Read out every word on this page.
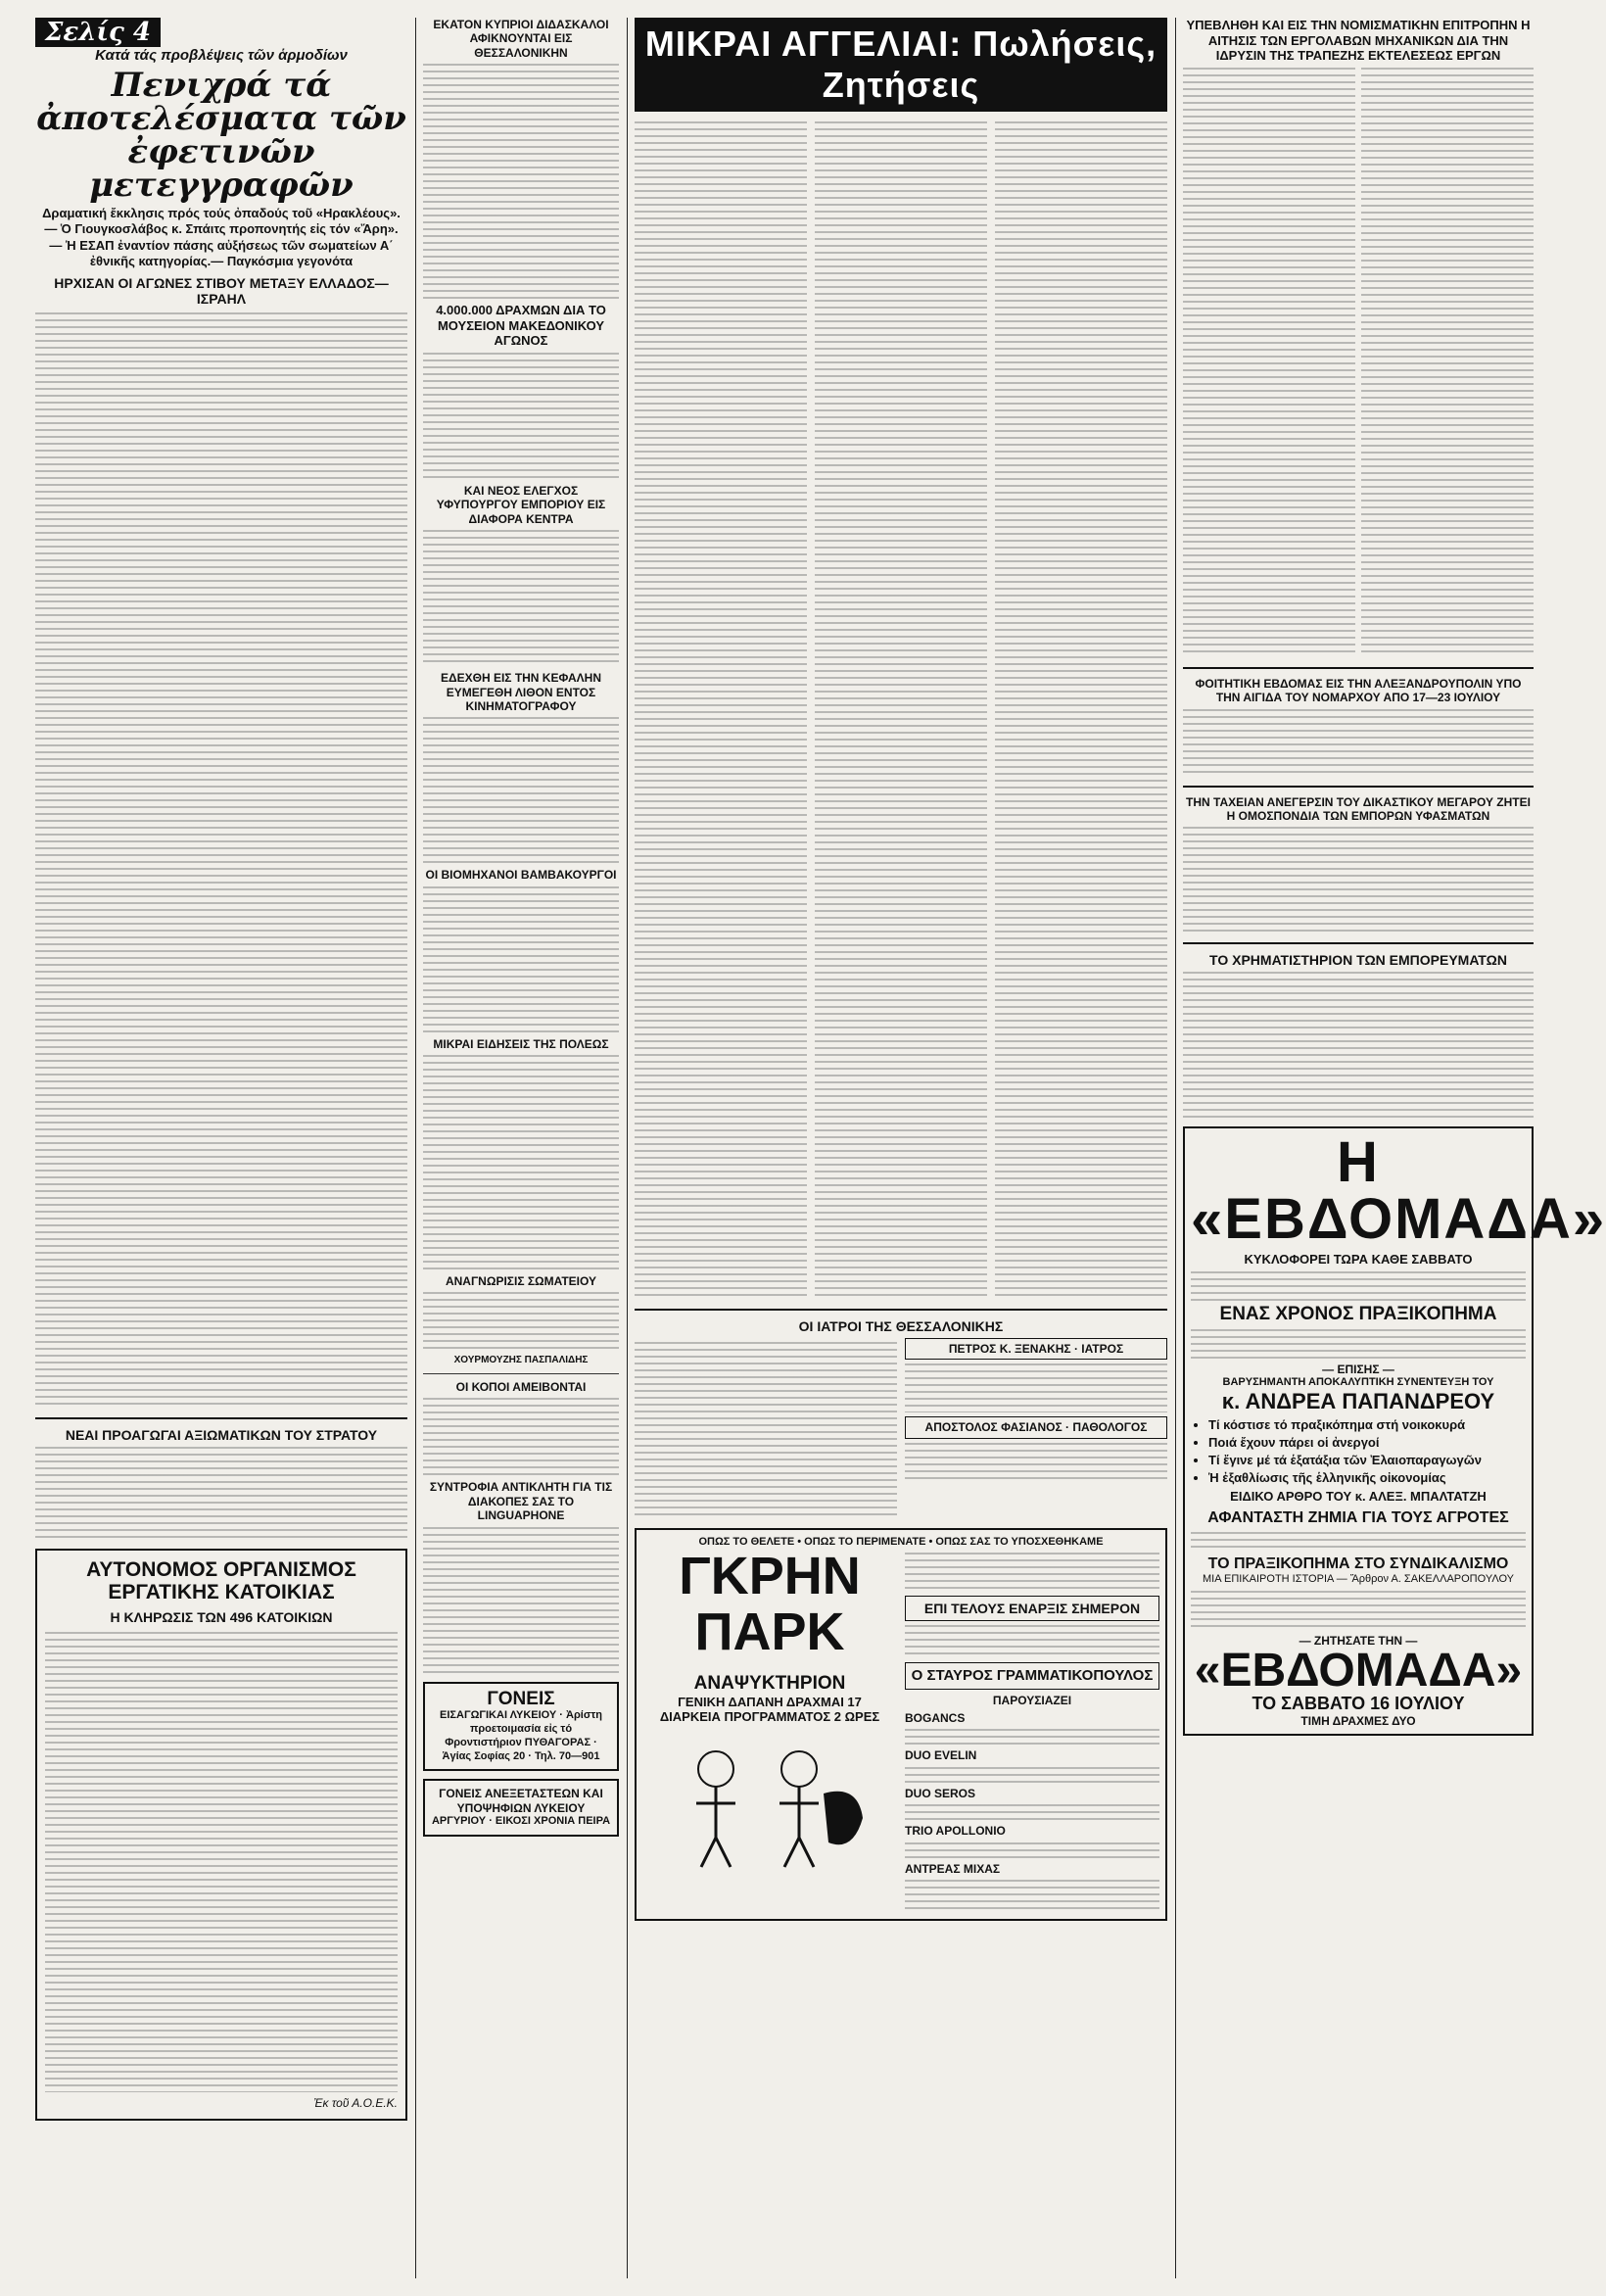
Σελίς 4
Κατά τάς προβλέψεις τῶν ἁρμοδίων
Πενιχρά τά ἀποτελέσματα τῶν ἐφετινῶν μετεγγραφῶν
Δραματική ἔκκλησις πρός τούς ὀπαδούς τοῦ «Ηρακλέους».— Ὁ Γιουγκοσλάβος κ. Σπάιτς προπονητής εἰς τόν «Ἄρη».— Ἡ ΕΣΑΠ ἐναντίον πάσης αὐξήσεως τῶν σωματείων Α΄ ἐθνικῆς κατηγορίας.— Παγκόσμια γεγονότα
ΗΡΧΙΣΑΝ ΟΙ ΑΓΩΝΕΣ ΣΤΙΒΟΥ ΜΕΤΑΞΥ ΕΛΛΑΔΟΣ—ΙΣΡΑΗΛ
ΝΕΑΙ ΠΡΟΑΓΩΓΑΙ ΑΞΙΩΜΑΤΙΚΩΝ ΤΟΥ ΣΤΡΑΤΟΥ
ΑΥΤΟΝΟΜΟΣ ΟΡΓΑΝΙΣΜΟΣ ΕΡΓΑΤΙΚΗΣ ΚΑΤΟΙΚΙΑΣ
Η ΚΛΗΡΩΣΙΣ ΤΩΝ 496 ΚΑΤΟΙΚΙΩΝ
Ἐκ τοῦ Α.Ο.Ε.Κ.
ΕΚΑΤΟΝ ΚΥΠΡΙΟΙ ΔΙΔΑΣΚΑΛΟΙ ΑΦΙΚΝΟΥΝΤΑΙ ΕΙΣ ΘΕΣΣΑΛΟΝΙΚΗΝ
4.000.000 ΔΡΑΧΜΩΝ ΔΙΑ ΤΟ ΜΟΥΣΕΙΟΝ ΜΑΚΕΔΟΝΙΚΟΥ ΑΓΩΝΟΣ
ΚΑΙ ΝΕΟΣ ΕΛΕΓΧΟΣ ΥΦΥΠΟΥΡΓΟΥ ΕΜΠΟΡΙΟΥ ΕΙΣ ΔΙΑΦΟΡΑ ΚΕΝΤΡΑ
ΕΔΕΧΘΗ ΕΙΣ ΤΗΝ ΚΕΦΑΛΗΝ ΕΥΜΕΓΕΘΗ ΛΙΘΟΝ ΕΝΤΟΣ ΚΙΝΗΜΑΤΟΓΡΑΦΟΥ
ΟΙ ΒΙΟΜΗΧΑΝΟΙ ΒΑΜΒΑΚΟΥΡΓΟΙ
ΜΙΚΡΑΙ ΕΙΔΗΣΕΙΣ ΤΗΣ ΠΟΛΕΩΣ
ΑΝΑΓΝΩΡΙΣΙΣ ΣΩΜΑΤΕΙΟΥ
ΧΟΥΡΜΟΥΖΗΣ ΠΑΣΠΑΛΙΔΗΣ
ΟΙ ΚΟΠΟΙ ΑΜΕΙΒΟΝΤΑΙ
ΣΥΝΤΡΟΦΙΑ ΑΝΤΙΚΛΗΤΗ ΓΙΑ ΤΙΣ ΔΙΑΚΟΠΕΣ ΣΑΣ ΤΟ LINGUAPHONE
ΓΟΝΕΙΣ
ΕΙΣΑΓΩΓΙΚΑΙ ΛΥΚΕΙΟΥ · Ἀρίστη προετοιμασία εἰς τό Φροντιστήριον ΠΥΘΑΓΟΡΑΣ · Ἁγίας Σοφίας 20 · Τηλ. 70—901
ΓΟΝΕΙΣ ΑΝΕΞΕΤΑΣΤΕΩΝ ΚΑΙ ΥΠΟΨΗΦΙΩΝ ΛΥΚΕΙΟΥ
ΑΡΓΥΡΙΟΥ · ΕΙΚΟΣΙ ΧΡΟΝΙΑ ΠΕΙΡΑ
ΜΙΚΡΑΙ ΑΓΓΕΛΙΑΙ: Πωλήσεις, Ζητήσεις
ΟΙ ΙΑΤΡΟΙ ΤΗΣ ΘΕΣΣΑΛΟΝΙΚΗΣ
ΠΕΤΡΟΣ Κ. ΞΕΝΑΚΗΣ · ΙΑΤΡΟΣ
ΑΠΟΣΤΟΛΟΣ ΦΑΣΙΑΝΟΣ · ΠΑΘΟΛΟΓΟΣ
ΟΠΩΣ ΤΟ ΘΕΛΕΤΕ • ΟΠΩΣ ΤΟ ΠΕΡΙΜΕΝΑΤΕ • ΟΠΩΣ ΣΑΣ ΤΟ ΥΠΟΣΧΕΘΗΚΑΜΕ
ΓΚΡΗΝ ΠΑΡΚ
ΑΝΑΨΥΚΤΗΡΙΟΝ
ΓΕΝΙΚΗ ΔΑΠΑΝΗ ΔΡΑΧΜΑΙ 17
ΔΙΑΡΚΕΙΑ ΠΡΟΓΡΑΜΜΑΤΟΣ 2 ΩΡΕΣ
ΕΠΙ ΤΕΛΟΥΣ ΕΝΑΡΞΙΣ ΣΗΜΕΡΟΝ
Ο ΣΤΑΥΡΟΣ ΓΡΑΜΜΑΤΙΚΟΠΟΥΛΟΣ
ΠΑΡΟΥΣΙΑΖΕΙ
BOGANCS
DUO EVELIN
DUO SEROS
TRIO APOLLONIO
ΑΝΤΡΕΑΣ ΜΙΧΑΣ
ΥΠΕΒΛΗΘΗ ΚΑΙ ΕΙΣ ΤΗΝ ΝΟΜΙΣΜΑΤΙΚΗΝ ΕΠΙΤΡΟΠΗΝ Η ΑΙΤΗΣΙΣ ΤΩΝ ΕΡΓΟΛΑΒΩΝ ΜΗΧΑΝΙΚΩΝ ΔΙΑ ΤΗΝ ΙΔΡΥΣΙΝ ΤΗΣ ΤΡΑΠΕΖΗΣ ΕΚΤΕΛΕΣΕΩΣ ΕΡΓΩΝ
ΦΟΙΤΗΤΙΚΗ ΕΒΔΟΜΑΣ ΕΙΣ ΤΗΝ ΑΛΕΞΑΝΔΡΟΥΠΟΛΙΝ ΥΠΟ ΤΗΝ ΑΙΓΙΔΑ ΤΟΥ ΝΟΜΑΡΧΟΥ ΑΠΟ 17—23 ΙΟΥΛΙΟΥ
ΤΗΝ ΤΑΧΕΙΑΝ ΑΝΕΓΕΡΣΙΝ ΤΟΥ ΔΙΚΑΣΤΙΚΟΥ ΜΕΓΑΡΟΥ ΖΗΤΕΙ Η ΟΜΟΣΠΟΝΔΙΑ ΤΩΝ ΕΜΠΟΡΩΝ ΥΦΑΣΜΑΤΩΝ
ΤΟ ΧΡΗΜΑΤΙΣΤΗΡΙΟΝ ΤΩΝ ΕΜΠΟΡΕΥΜΑΤΩΝ
Η «ΕΒΔΟΜΑΔΑ»
ΚΥΚΛΟΦΟΡΕΙ ΤΩΡΑ ΚΑΘΕ ΣΑΒΒΑΤΟ
ΕΝΑΣ ΧΡΟΝΟΣ ΠΡΑΞΙΚΟΠΗΜΑ
— ΕΠΙΣΗΣ —
ΒΑΡΥΣΗΜΑΝΤΗ ΑΠΟΚΑΛΥΠΤΙΚΗ ΣΥΝΕΝΤΕΥΞΗ ΤΟΥ
κ. ΑΝΔΡΕΑ ΠΑΠΑΝΔΡΕΟΥ
• Τί κόστισε τό πραξικόπημα στή νοικοκυρά
• Ποιά ἔχουν πάρει οἱ ἀνεργοί
• Τί ἔγινε μέ τά ἑξατάξια τῶν Ἐλαιοπαραγωγῶν
• Ἡ ἐξαθλίωσις τῆς ἑλληνικῆς οἰκονομίας
ΕΙΔΙΚΟ ΑΡΘΡΟ ΤΟΥ κ. ΑΛΕΞ. ΜΠΑΛΤΑΤΖΗ
ΑΦΑΝΤΑΣΤΗ ΖΗΜΙΑ ΓΙΑ ΤΟΥΣ ΑΓΡΟΤΕΣ
ΤΟ ΠΡΑΞΙΚΟΠΗΜΑ ΣΤΟ ΣΥΝΔΙΚΑΛΙΣΜΟ
ΜΙΑ ΕΠΙΚΑΙΡΟΤΗ ΙΣΤΟΡΙΑ — Ἄρθρον Α. ΣΑΚΕΛΛΑΡΟΠΟΥΛΟΥ
— ΖΗΤΗΣΑΤΕ ΤΗΝ —
«ΕΒΔΟΜΑΔΑ»
ΤΟ ΣΑΒΒΑΤΟ 16 ΙΟΥΛΙΟΥ
ΤΙΜΗ ΔΡΑΧΜΕΣ ΔΥΟ
